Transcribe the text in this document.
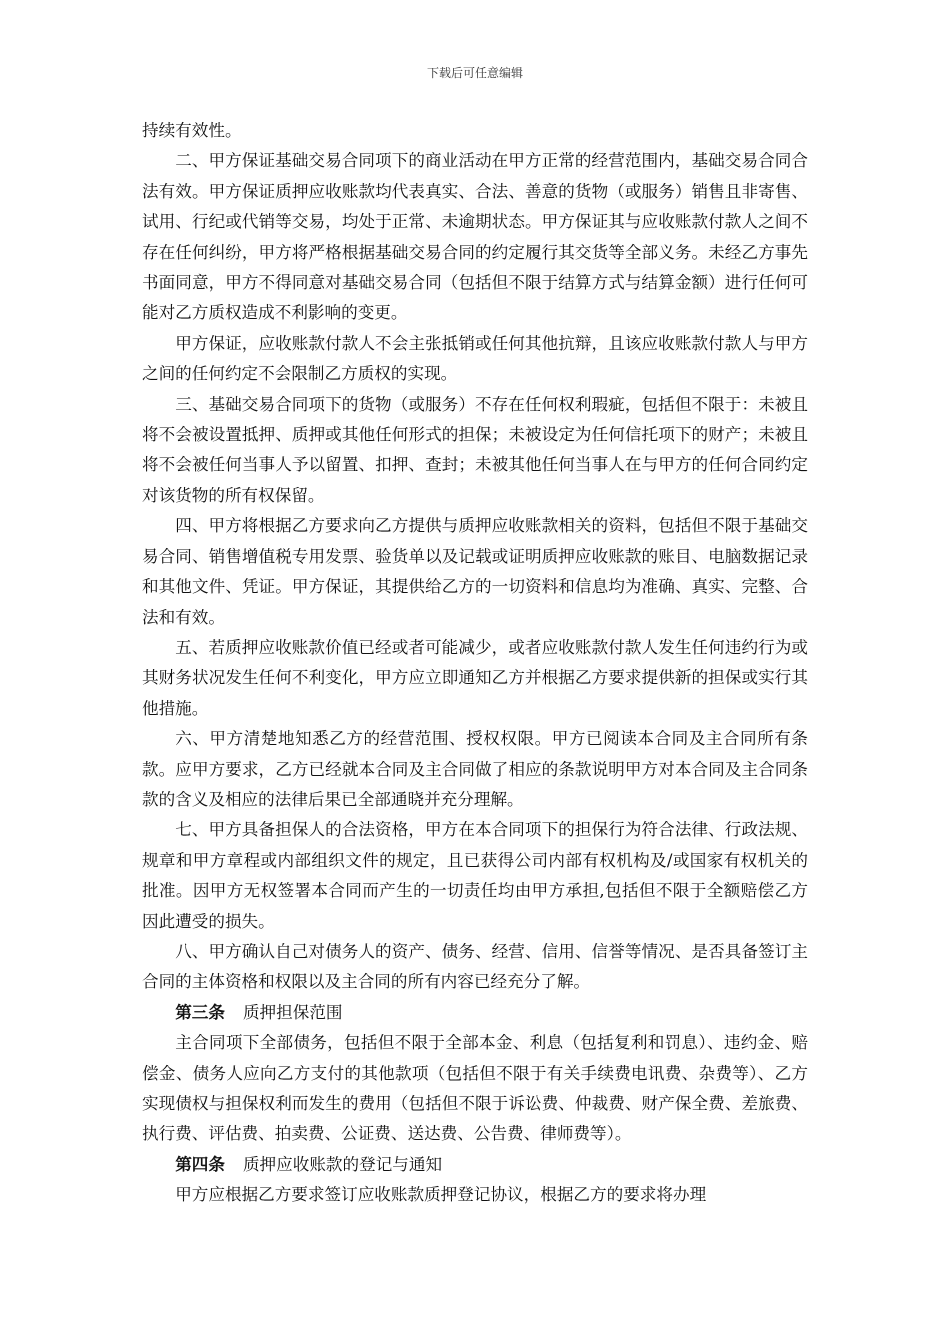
下载后可任意编辑

持续有效性。

二、甲方保证基础交易合同项下的商业活动在甲方正常的经营范围内，基础交易合同合法有效。甲方保证质押应收账款均代表真实、合法、善意的货物（或服务）销售且非寄售、试用、行纪或代销等交易，均处于正常、未逾期状态。甲方保证其与应收账款付款人之间不存在任何纠纷，甲方将严格根据基础交易合同的约定履行其交货等全部义务。未经乙方事先书面同意，甲方不得同意对基础交易合同（包括但不限于结算方式与结算金额）进行任何可能对乙方质权造成不利影响的变更。

甲方保证，应收账款付款人不会主张抵销或任何其他抗辩，且该应收账款付款人与甲方之间的任何约定不会限制乙方质权的实现。

三、基础交易合同项下的货物（或服务）不存在任何权利瑕疵，包括但不限于：未被且将不会被设置抵押、质押或其他任何形式的担保；未被设定为任何信托项下的财产；未被且将不会被任何当事人予以留置、扣押、查封；未被其他任何当事人在与甲方的任何合同约定对该货物的所有权保留。

四、甲方将根据乙方要求向乙方提供与质押应收账款相关的资料，包括但不限于基础交易合同、销售增值税专用发票、验货单以及记载或证明质押应收账款的账目、电脑数据记录和其他文件、凭证。甲方保证，其提供给乙方的一切资料和信息均为准确、真实、完整、合法和有效。

五、若质押应收账款价值已经或者可能减少，或者应收账款付款人发生任何违约行为或其财务状况发生任何不利变化，甲方应立即通知乙方并根据乙方要求提供新的担保或实行其他措施。

六、甲方清楚地知悉乙方的经营范围、授权权限。甲方已阅读本合同及主合同所有条款。应甲方要求，乙方已经就本合同及主合同做了相应的条款说明甲方对本合同及主合同条款的含义及相应的法律后果已全部通晓并充分理解。

七、甲方具备担保人的合法资格，甲方在本合同项下的担保行为符合法律、行政法规、规章和甲方章程或内部组织文件的规定，且已获得公司内部有权机构及/或国家有权机关的批准。因甲方无权签署本合同而产生的一切责任均由甲方承担,包括但不限于全额赔偿乙方因此遭受的损失。

八、甲方确认自己对债务人的资产、债务、经营、信用、信誉等情况、是否具备签订主合同的主体资格和权限以及主合同的所有内容已经充分了解。

第三条 质押担保范围

主合同项下全部债务，包括但不限于全部本金、利息（包括复利和罚息）、违约金、赔偿金、债务人应向乙方支付的其他款项（包括但不限于有关手续费电讯费、杂费等）、乙方实现债权与担保权利而发生的费用（包括但不限于诉讼费、仲裁费、财产保全费、差旅费、执行费、评估费、拍卖费、公证费、送达费、公告费、律师费等）。

第四条 质押应收账款的登记与通知

甲方应根据乙方要求签订应收账款质押登记协议，根据乙方的要求将办理
